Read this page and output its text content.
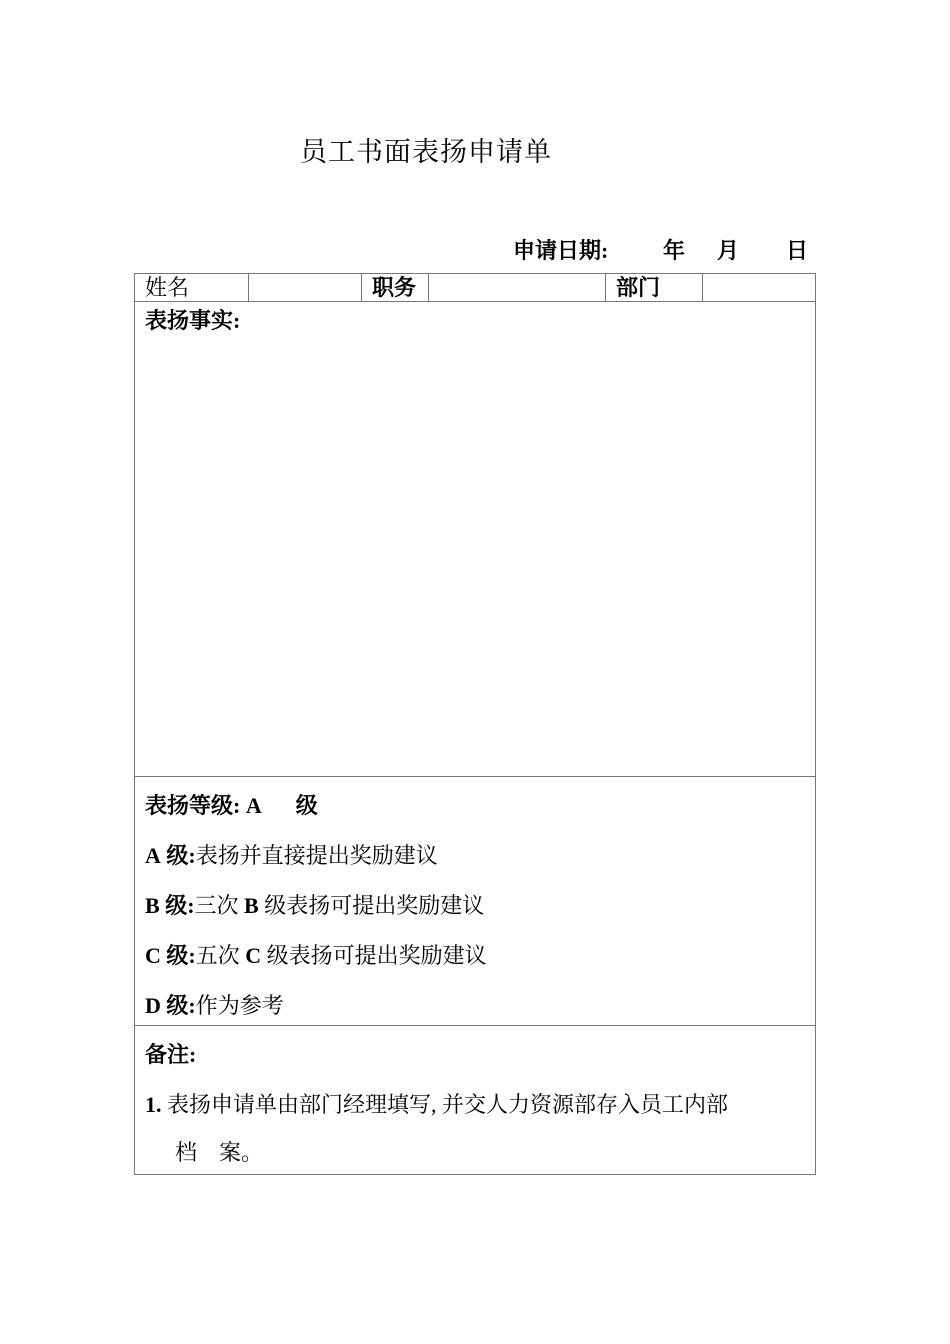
员工书面表扬申请单
申请日期: 年 月 日
姓名	职务	部门
表扬事实:
表扬等级: A 级
A 级:表扬并直接提出奖励建议
B 级:三次 B 级表扬可提出奖励建议
C 级:五次 C 级表扬可提出奖励建议
D 级:作为参考
备注:
1. 表扬申请单由部门经理填写, 并交人力资源部存入员工内部
档　案。
